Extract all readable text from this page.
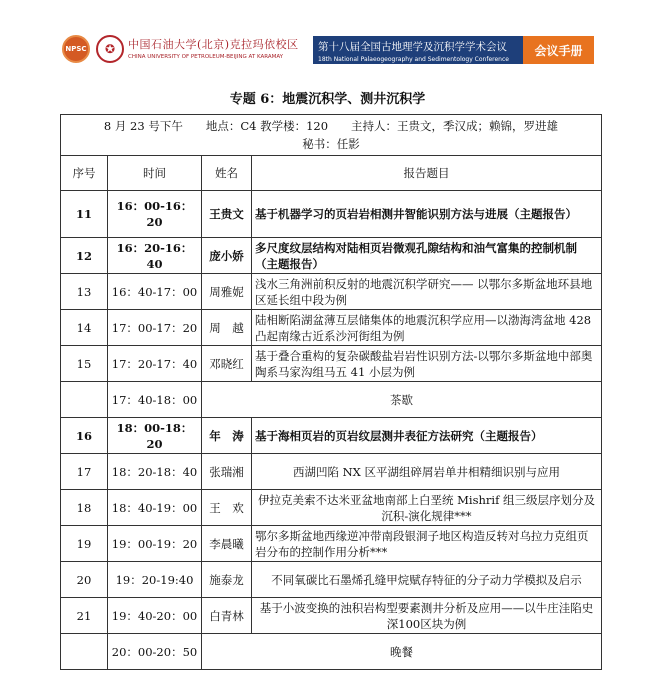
NPSC	✪	中国石油大学(北京)克拉玛依校区
CHINA UNIVERSITY OF PETROLEUM-BEIJING AT KARAMAY
第十八届全国古地理学及沉积学学术会议
18th National Palaeogeography and Sedimentology Conference
会议手册
专题 6：地震沉积学、测井沉积学
8 月 23 号下午　　地点：C4 教学楼：120　　主持人：王贵文，季汉成；赖锦，罗进雄
秘书：任影			

序号	时间	姓名	报告题目
11	16：00-16：20	王贵文	基于机器学习的页岩岩相测井智能识别方法与进展（主题报告）
12	16：20-16：40	庞小娇	多尺度纹层结构对陆相页岩微观孔隙结构和油气富集的控制机制（主题报告）
13	16：40-17：00	周雅妮	浅水三角洲前积反射的地震沉积学研究—— 以鄂尔多斯盆地环县地区延长组中段为例
14	17：00-17：20	周　越	陆相断陷湖盆薄互层储集体的地震沉积学应用—以渤海湾盆地 428 凸起南缘古近系沙河街组为例
15	17：20-17：40	邓晓红	基于叠合重构的复杂碳酸盐岩岩性识别方法-以鄂尔多斯盆地中部奥陶系马家沟组马五 41 小层为例
	17：40-18：00	茶歇	
16	18：00-18：20	年　涛	基于海相页岩的页岩纹层测井表征方法研究（主题报告）
17	18：20-18：40	张瑞湘	西湖凹陷 NX 区平湖组碎屑岩单井相精细识别与应用
18	18：40-19：00	王　欢	伊拉克美索不达米亚盆地南部上白垩统 Mishrif 组三级层序划分及沉积-演化规律***
19	19：00-19：20	李晨曦	鄂尔多斯盆地西缘逆冲带南段银洞子地区构造反转对乌拉力克组页岩分布的控制作用分析***
20	19：20-19:40	施泰龙	不同氧碳比石墨烯孔缝甲烷赋存特征的分子动力学模拟及启示
21	19：40-20：00	白青林	基于小波变换的浊积岩构型要素测井分析及应用——以牛庄洼陷史深100区块为例
	20：00-20：50	晚餐	
